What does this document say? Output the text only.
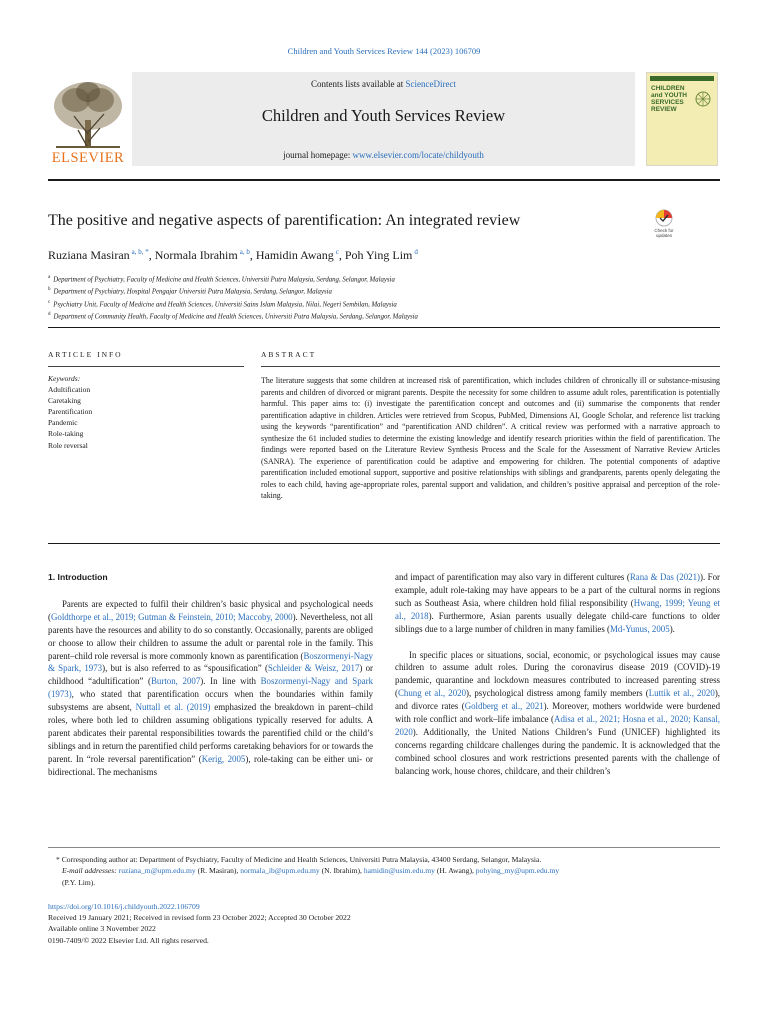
Children and Youth Services Review 144 (2023) 106709
ELSEVIER
Contents lists available at ScienceDirect
Children and Youth Services Review
journal homepage: www.elsevier.com/locate/childyouth
CHILDREN and YOUTH SERVICES REVIEW
The positive and negative aspects of parentification: An integrated review
Check for updates
Ruziana Masiran $^{a, b, *}$, Normala Ibrahim $^{a, b}$, Hamidin Awang $^c$, Poh Ying Lim $^d$
$^a$ Department of Psychiatry, Faculty of Medicine and Health Sciences, Universiti Putra Malaysia, Serdang, Selangor, Malaysia
$^b$ Department of Psychiatry, Hospital Pengajar Universiti Putra Malaysia, Serdang, Selangor, Malaysia
$^c$ Psychiatry Unit, Faculty of Medicine and Health Sciences, Universiti Sains Islam Malaysia, Nilai, Negeri Sembilan, Malaysia
$^d$ Department of Community Health, Faculty of Medicine and Health Sciences, Universiti Putra Malaysia, Serdang, Selangor, Malaysia
ARTICLE INFO	ABSTRACT
Keywords:
Adultification
Caretaking
Parentification
Pandemic
Role-taking
Role reversal

The literature suggests that some children at increased risk of parentification, which includes children of chronically ill or substance-misusing parents and children of divorced or migrant parents. Despite the necessity for some children to assume adult roles, parentification is potentially harmful. This paper aims to: (i) investigate the parentification concept and outcomes and (ii) summarise the components that render parentification adaptive in children. Articles were retrieved from Scopus, PubMed, Dimensions AI, Google Scholar, and reference list tracking using the keywords “parentification” and “parentification AND children”. A critical review was performed with a narrative approach to synthesize the 61 included studies to determine the existing knowledge and identify research priorities within the field of parentification. The findings were reported based on the Literature Review Synthesis Process and the Scale for the Assessment of Narrative Review Articles (SANRA). The experience of parentification could be adaptive and empowering for children. The potential components of adaptive parentification included emotional support, supportive and positive relationships with siblings and grandparents, parents openly delegating the roles to each child, having age-appropriate roles, parental support and validation, and children’s positive appraisal and perception of the role-taking.

1. Introduction

Parents are expected to fulfil their children’s basic physical and psychological needs (Goldthorpe et al., 2019; Gutman & Feinstein, 2010; Maccoby, 2000). Nevertheless, not all parents have the resources and ability to do so constantly. Occasionally, parents are obliged or choose to allow their children to assume the adult or parental role in the family. This parent–child role reversal is more commonly known as parentification (Boszormenyi-Nagy & Spark, 1973), but is also referred to as “spousification” (Schleider & Weisz, 2017) or childhood “adultification” (Burton, 2007). In line with Boszormenyi-Nagy and Spark (1973), who stated that parentification occurs when the boundaries within family subsystems are absent, Nuttall et al. (2019) emphasized the breakdown in parent–child roles, where both led to children assuming obligations typically reserved for adults. A parent abdicates their parental responsibilities towards the parentified child or the child’s siblings and in return the parentified child performs caretaking behaviors for or towards the parent. In “role reversal parentification” (Kerig, 2005), role-taking can be either uni- or bidirectional. The mechanisms

and impact of parentification may also vary in different cultures (Rana & Das (2021)). For example, adult role-taking may have appears to be a part of the cultural norms in regions such as Southeast Asia, where children hold filial responsibility (Hwang, 1999; Yeung et al., 2018). Furthermore, Asian parents usually delegate child-care functions to older siblings due to a large number of children in many families (Md-Yunus, 2005).

In specific places or situations, social, economic, or psychological issues may cause children to assume adult roles. During the coronavirus disease 2019 (COVID)-19 pandemic, quarantine and lockdown measures contributed to increased parenting stress (Chung et al., 2020), psychological distress among family members (Luttik et al., 2020), and divorce rates (Goldberg et al., 2021). Moreover, mothers worldwide were burdened with role conflict and work–life imbalance (Adisa et al., 2021; Hosna et al., 2020; Kansal, 2020). Additionally, the United Nations Children’s Fund (UNICEF) highlighted its concerns regarding childcare challenges during the pandemic. It is acknowledged that the combined school closures and work restrictions presented parents with the challenge of balancing work, house chores, childcare, and their children’s

* Corresponding author at: Department of Psychiatry, Faculty of Medicine and Health Sciences, Universiti Putra Malaysia, 43400 Serdang, Selangor, Malaysia.

E-mail addresses: ruziana_m@upm.edu.my (R. Masiran), normala_ib@upm.edu.my (N. Ibrahim), hamidin@usim.edu.my (H. Awang), pohying_my@upm.edu.my
(P.Y. Lim).

https://doi.org/10.1016/j.childyouth.2022.106709

Received 19 January 2021; Received in revised form 23 October 2022; Accepted 30 October 2022

Available online 3 November 2022

0190-7409/© 2022 Elsevier Ltd. All rights reserved.
